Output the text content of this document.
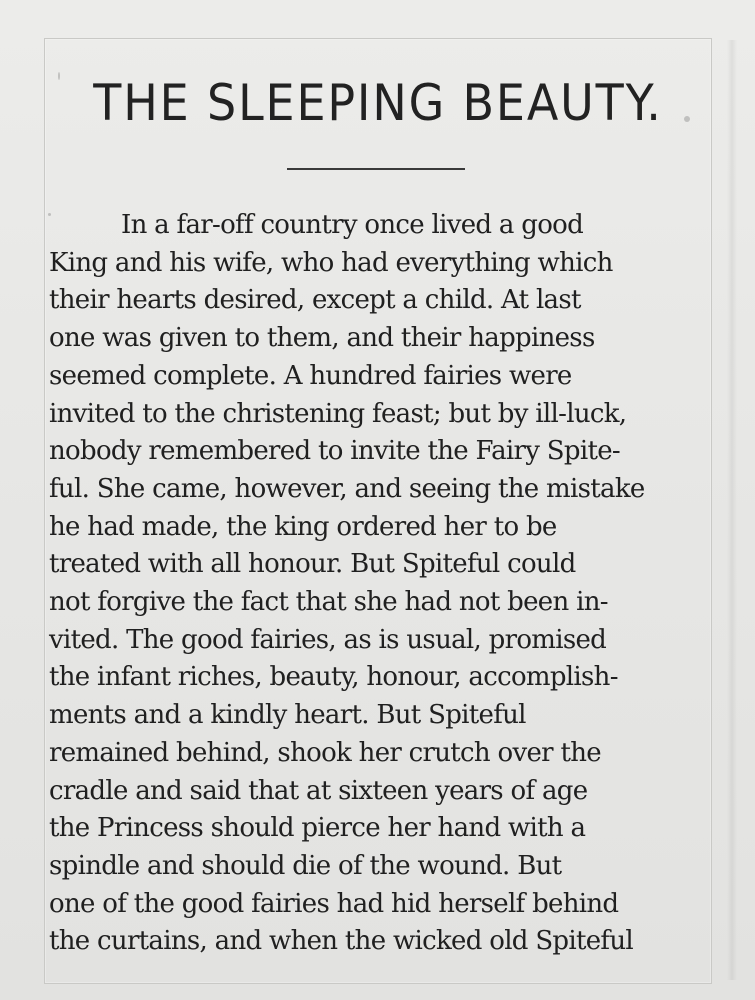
THE SLEEPING BEAUTY.
In a far-off country once lived a good
King and his wife, who had everything which
their hearts desired, except a child. At last
one was given to them, and their happiness
seemed complete. A hundred fairies were
invited to the christening feast; but by ill-luck,
nobody remembered to invite the Fairy Spite-
ful. She came, however, and seeing the mistake
he had made, the king ordered her to be
treated with all honour. But Spiteful could
not forgive the fact that she had not been in-
vited. The good fairies, as is usual, promised
the infant riches, beauty, honour, accomplish-
ments and a kindly heart. But Spiteful
remained behind, shook her crutch over the
cradle and said that at sixteen years of age
the Princess should pierce her hand with a
spindle and should die of the wound. But
one of the good fairies had hid herself behind
the curtains, and when the wicked old Spiteful
